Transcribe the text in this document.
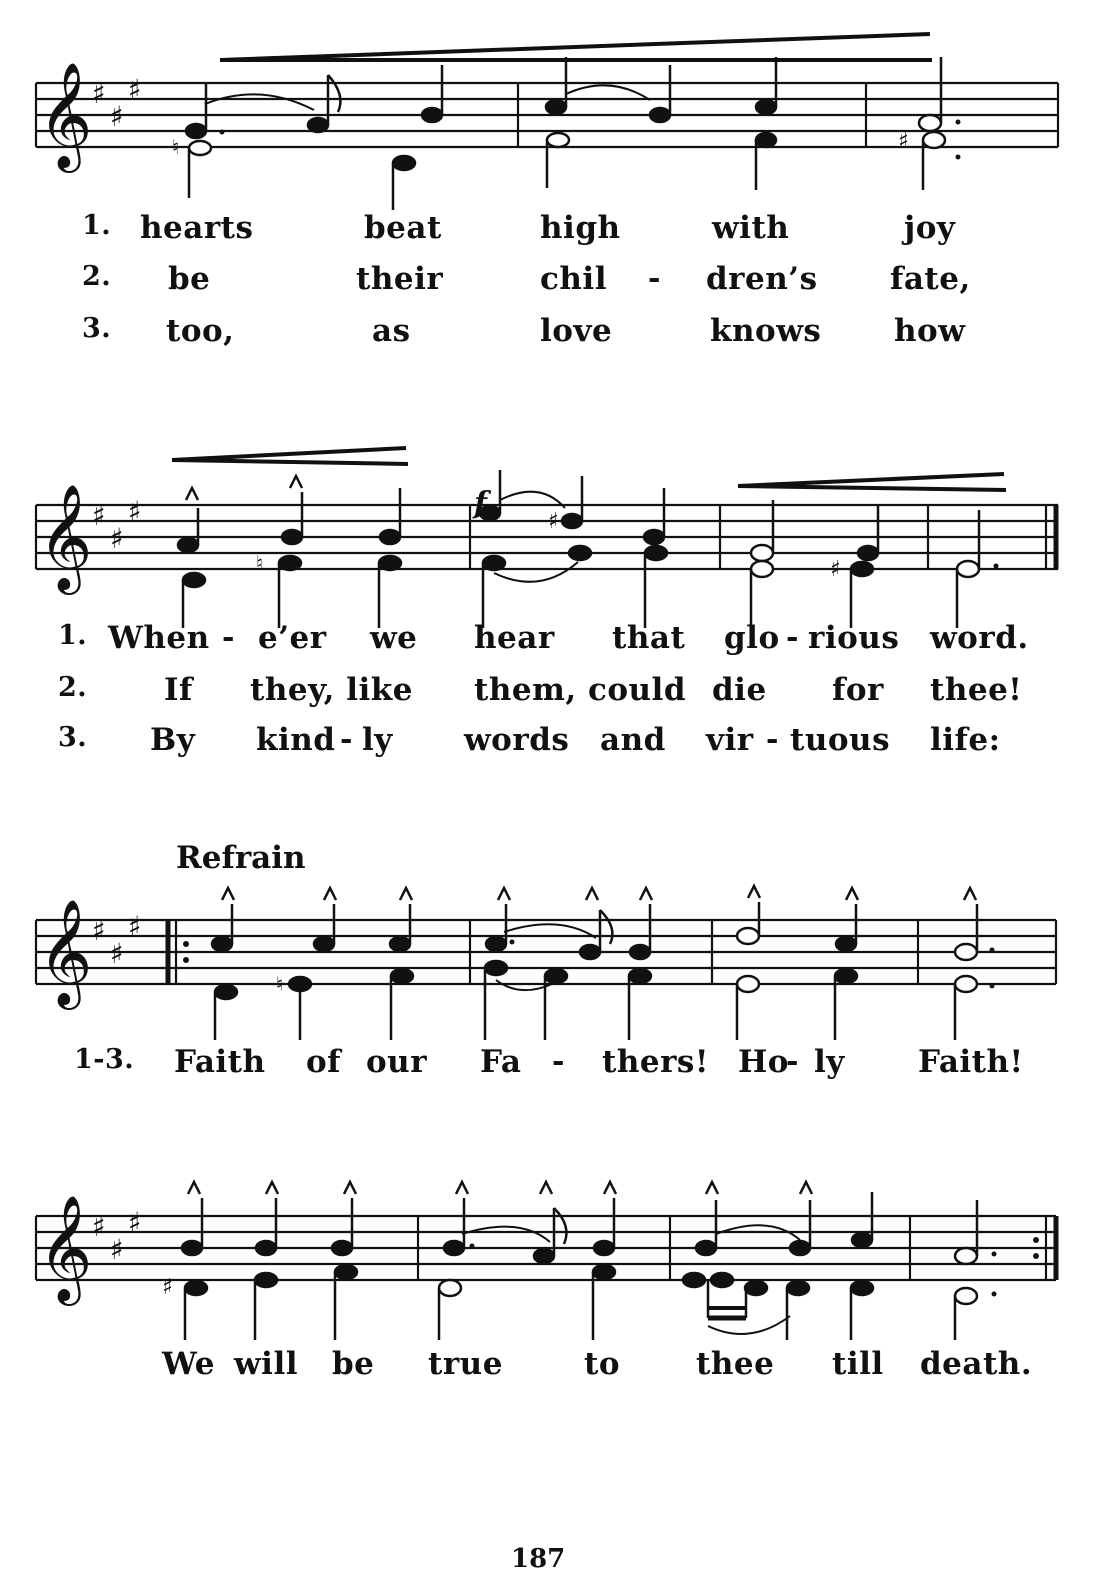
𝄞 ♯
♯
♯
♮	♯
1. hearts	beat	high	with	joy
2. be	their	chil - dren’s fate,
3. too,	as	love	knows how
𝄞 ♯
♯
♯
♮
♯
♯
f
1. When - e’er we hear that glo - rious word.
2. If they, like them, could die for thee!
3. By kind - ly words and vir - tuous life:
Refrain
𝄞 ♯
♯
♯
♮
1-3. Faith of our Fa - thers! Ho
- ly Faith!
𝄞 ♯
♯
♯
♯
We will be true	to thee till death.
187
